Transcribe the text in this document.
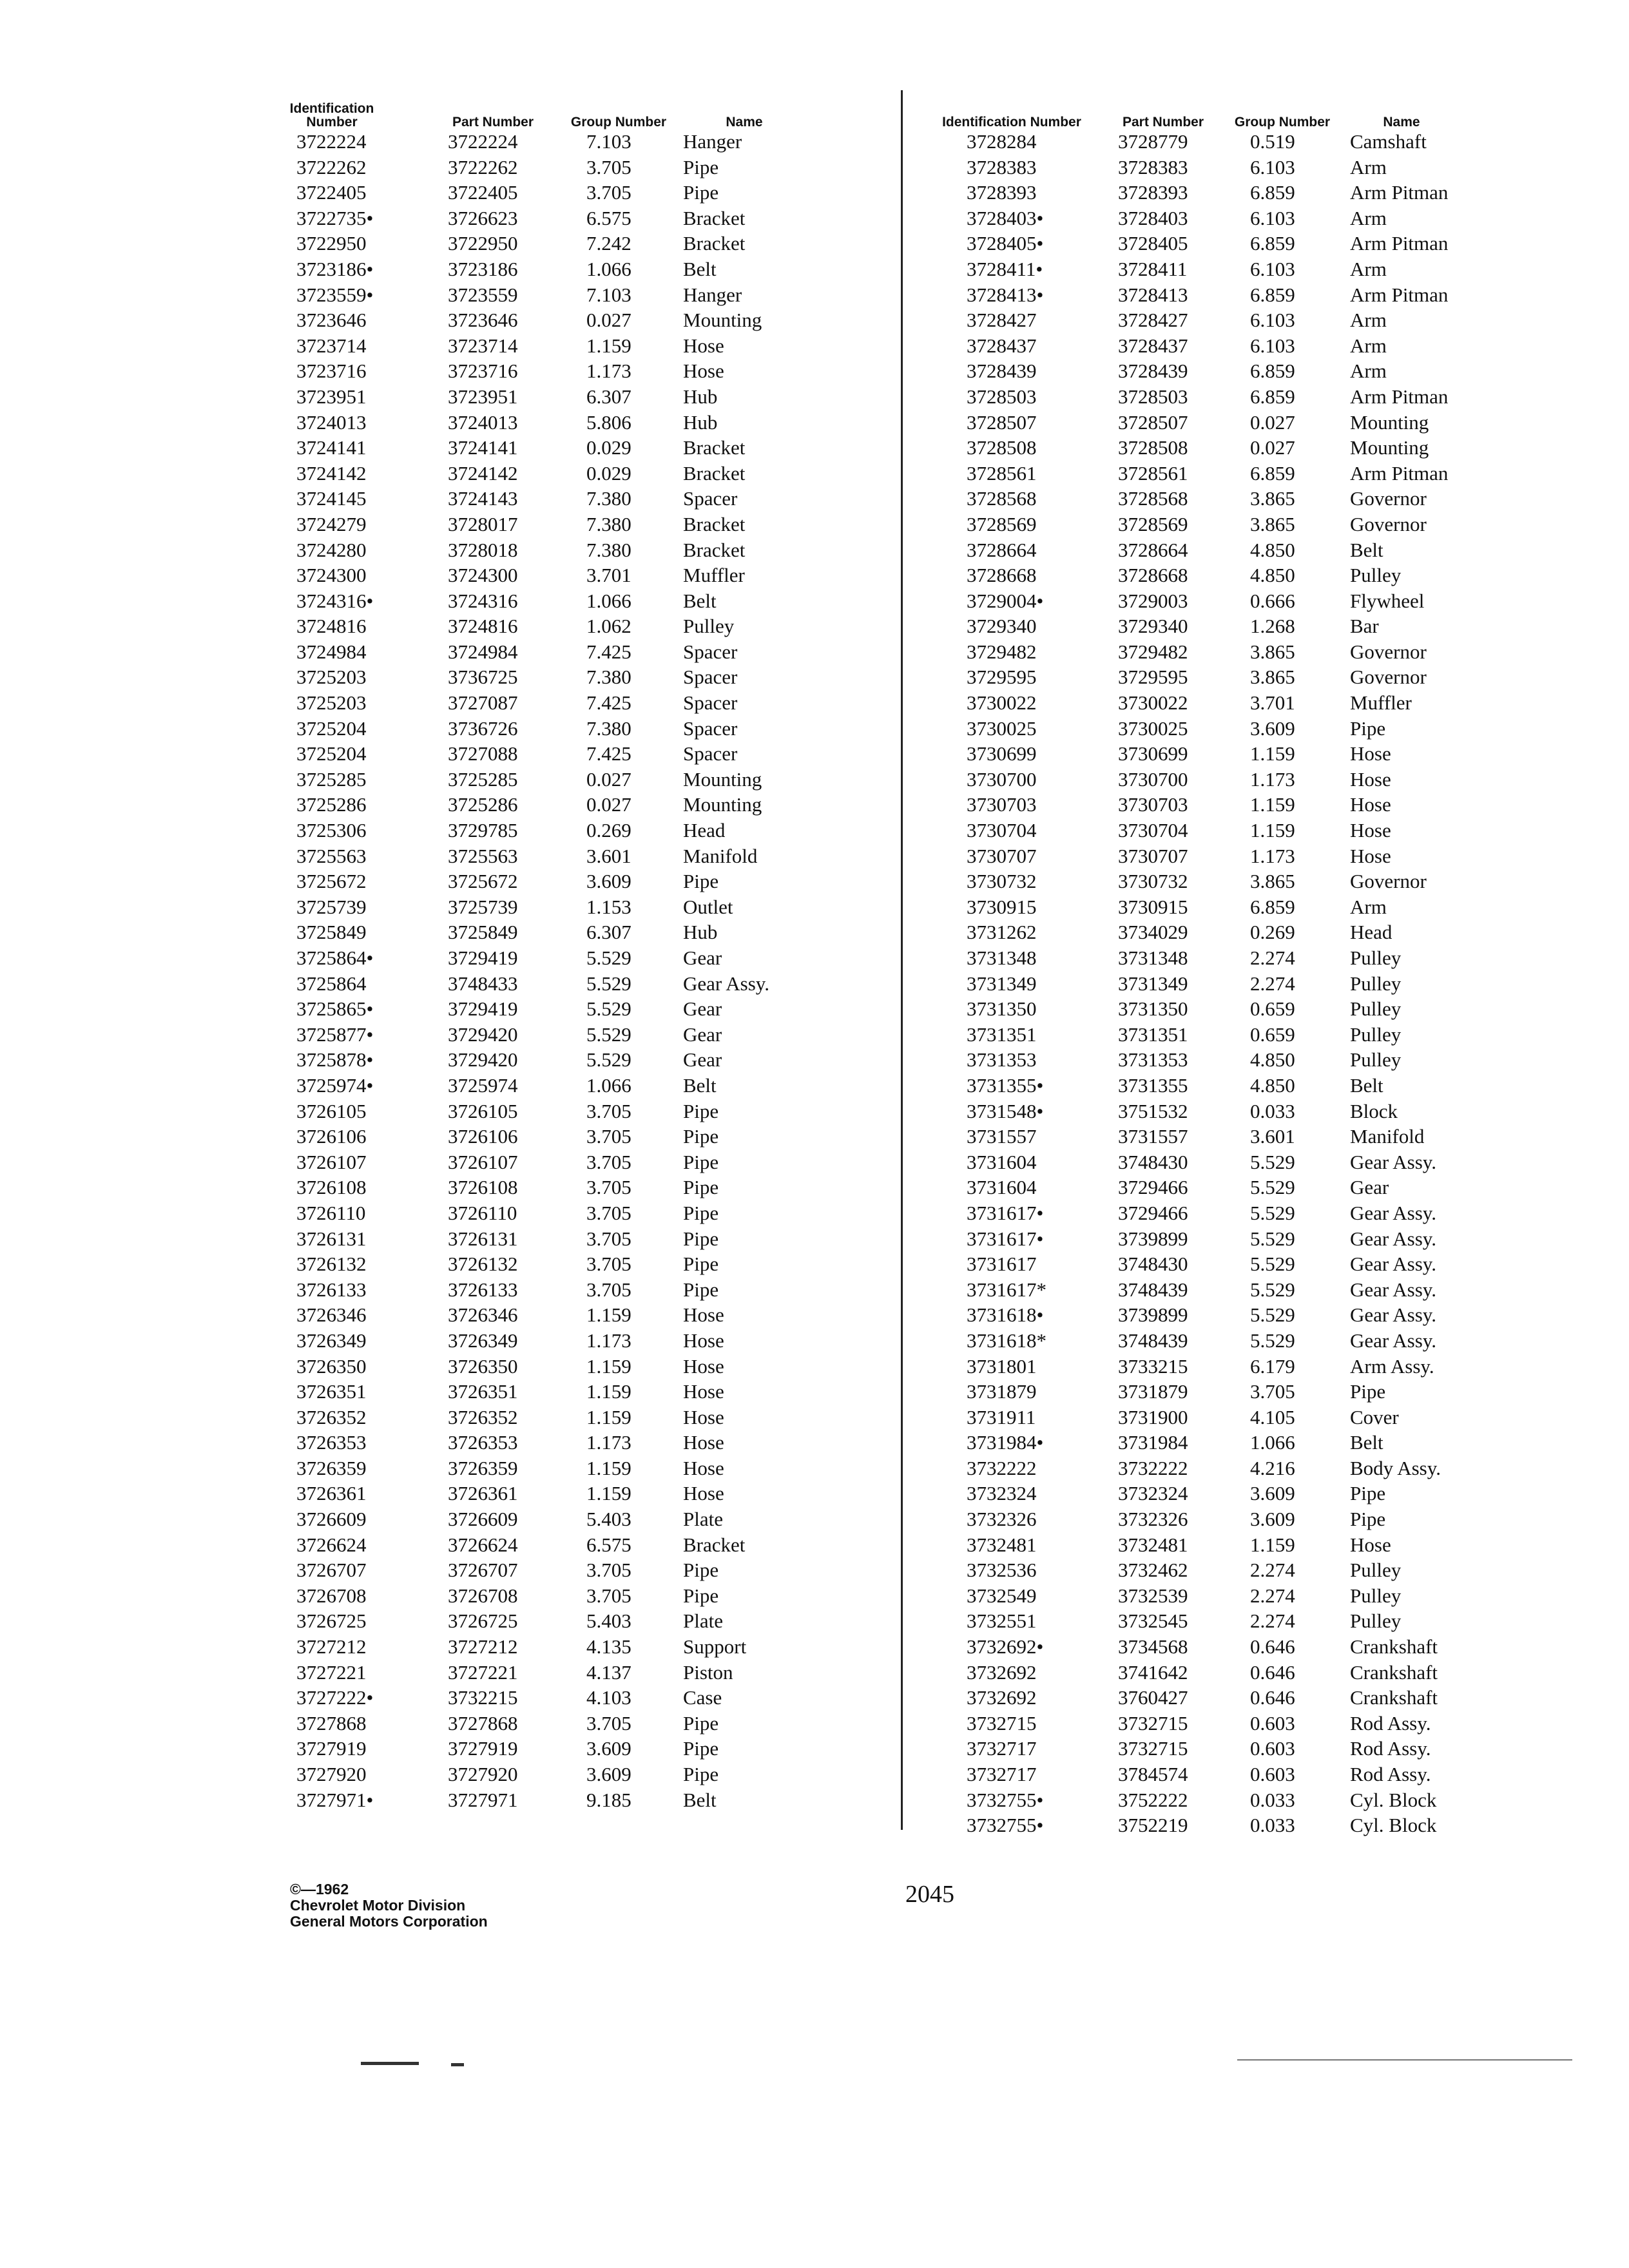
Identification Number	Part Number	Group Number	Name
3722224	3722224	7.103	Hanger
3722262	3722262	3.705	Pipe
3722405	3722405	3.705	Pipe
3722735•	3726623	6.575	Bracket
3722950	3722950	7.242	Bracket
3723186•	3723186	1.066	Belt
3723559•	3723559	7.103	Hanger
3723646	3723646	0.027	Mounting
3723714	3723714	1.159	Hose
3723716	3723716	1.173	Hose
3723951	3723951	6.307	Hub
3724013	3724013	5.806	Hub
3724141	3724141	0.029	Bracket
3724142	3724142	0.029	Bracket
3724145	3724143	7.380	Spacer
3724279	3728017	7.380	Bracket
3724280	3728018	7.380	Bracket
3724300	3724300	3.701	Muffler
3724316•	3724316	1.066	Belt
3724816	3724816	1.062	Pulley
3724984	3724984	7.425	Spacer
3725203	3736725	7.380	Spacer
3725203	3727087	7.425	Spacer
3725204	3736726	7.380	Spacer
3725204	3727088	7.425	Spacer
3725285	3725285	0.027	Mounting
3725286	3725286	0.027	Mounting
3725306	3729785	0.269	Head
3725563	3725563	3.601	Manifold
3725672	3725672	3.609	Pipe
3725739	3725739	1.153	Outlet
3725849	3725849	6.307	Hub
3725864•	3729419	5.529	Gear
3725864	3748433	5.529	Gear Assy.
3725865•	3729419	5.529	Gear
3725877•	3729420	5.529	Gear
3725878•	3729420	5.529	Gear
3725974•	3725974	1.066	Belt
3726105	3726105	3.705	Pipe
3726106	3726106	3.705	Pipe
3726107	3726107	3.705	Pipe
3726108	3726108	3.705	Pipe
3726110	3726110	3.705	Pipe
3726131	3726131	3.705	Pipe
3726132	3726132	3.705	Pipe
3726133	3726133	3.705	Pipe
3726346	3726346	1.159	Hose
3726349	3726349	1.173	Hose
3726350	3726350	1.159	Hose
3726351	3726351	1.159	Hose
3726352	3726352	1.159	Hose
3726353	3726353	1.173	Hose
3726359	3726359	1.159	Hose
3726361	3726361	1.159	Hose
3726609	3726609	5.403	Plate
3726624	3726624	6.575	Bracket
3726707	3726707	3.705	Pipe
3726708	3726708	3.705	Pipe
3726725	3726725	5.403	Plate
3727212	3727212	4.135	Support
3727221	3727221	4.137	Piston
3727222•	3732215	4.103	Case
3727868	3727868	3.705	Pipe
3727919	3727919	3.609	Pipe
3727920	3727920	3.609	Pipe
3727971•	3727971	9.185	Belt
Identification Number	Part Number	Group Number	Name
3728284	3728779	0.519	Camshaft
3728383	3728383	6.103	Arm
3728393	3728393	6.859	Arm Pitman
3728403•	3728403	6.103	Arm
3728405•	3728405	6.859	Arm Pitman
3728411•	3728411	6.103	Arm
3728413•	3728413	6.859	Arm Pitman
3728427	3728427	6.103	Arm
3728437	3728437	6.103	Arm
3728439	3728439	6.859	Arm
3728503	3728503	6.859	Arm Pitman
3728507	3728507	0.027	Mounting
3728508	3728508	0.027	Mounting
3728561	3728561	6.859	Arm Pitman
3728568	3728568	3.865	Governor
3728569	3728569	3.865	Governor
3728664	3728664	4.850	Belt
3728668	3728668	4.850	Pulley
3729004•	3729003	0.666	Flywheel
3729340	3729340	1.268	Bar
3729482	3729482	3.865	Governor
3729595	3729595	3.865	Governor
3730022	3730022	3.701	Muffler
3730025	3730025	3.609	Pipe
3730699	3730699	1.159	Hose
3730700	3730700	1.173	Hose
3730703	3730703	1.159	Hose
3730704	3730704	1.159	Hose
3730707	3730707	1.173	Hose
3730732	3730732	3.865	Governor
3730915	3730915	6.859	Arm
3731262	3734029	0.269	Head
3731348	3731348	2.274	Pulley
3731349	3731349	2.274	Pulley
3731350	3731350	0.659	Pulley
3731351	3731351	0.659	Pulley
3731353	3731353	4.850	Pulley
3731355•	3731355	4.850	Belt
3731548•	3751532	0.033	Block
3731557	3731557	3.601	Manifold
3731604	3748430	5.529	Gear Assy.
3731604	3729466	5.529	Gear
3731617•	3729466	5.529	Gear Assy.
3731617•	3739899	5.529	Gear Assy.
3731617	3748430	5.529	Gear Assy.
3731617*	3748439	5.529	Gear Assy.
3731618•	3739899	5.529	Gear Assy.
3731618*	3748439	5.529	Gear Assy.
3731801	3733215	6.179	Arm Assy.
3731879	3731879	3.705	Pipe
3731911	3731900	4.105	Cover
3731984•	3731984	1.066	Belt
3732222	3732222	4.216	Body Assy.
3732324	3732324	3.609	Pipe
3732326	3732326	3.609	Pipe
3732481	3732481	1.159	Hose
3732536	3732462	2.274	Pulley
3732549	3732539	2.274	Pulley
3732551	3732545	2.274	Pulley
3732692•	3734568	0.646	Crankshaft
3732692	3741642	0.646	Crankshaft
3732692	3760427	0.646	Crankshaft
3732715	3732715	0.603	Rod Assy.
3732717	3732715	0.603	Rod Assy.
3732717	3784574	0.603	Rod Assy.
3732755•	3752222	0.033	Cyl. Block
3732755•	3752219	0.033	Cyl. Block
©—1962
Chevrolet Motor Division
General Motors Corporation
2045
